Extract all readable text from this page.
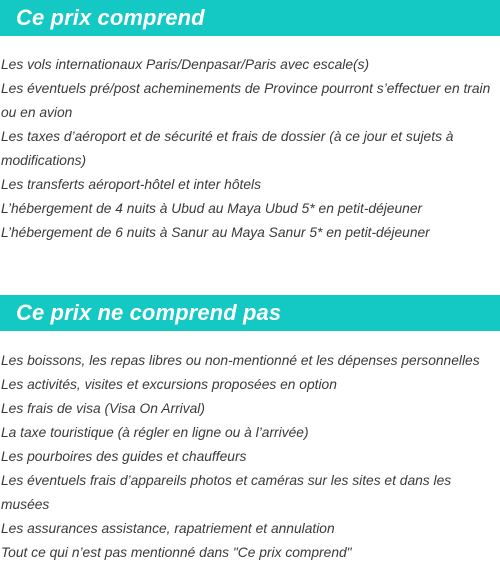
Ce prix comprend
Les vols internationaux Paris/Denpasar/Paris avec escale(s)
Les éventuels pré/post acheminements de Province pourront s’effectuer en train ou en avion
Les taxes d’aéroport et de sécurité et frais de dossier (à ce jour et sujets à modifications)
Les transferts aéroport-hôtel et inter hôtels
L’hébergement de 4 nuits à Ubud au Maya Ubud 5* en petit-déjeuner
L’hébergement de 6 nuits à Sanur au Maya Sanur 5* en petit-déjeuner
Ce prix ne comprend pas
Les boissons, les repas libres ou non-mentionné et les dépenses personnelles
Les activités, visites et excursions proposées en option
Les frais de visa (Visa On Arrival)
La taxe touristique (à régler en ligne ou à l’arrivée)
Les pourboires des guides et chauffeurs
Les éventuels frais d’appareils photos et caméras sur les sites et dans les musées
Les assurances assistance, rapatriement et annulation
Tout ce qui n’est pas mentionné dans "Ce prix comprend"
